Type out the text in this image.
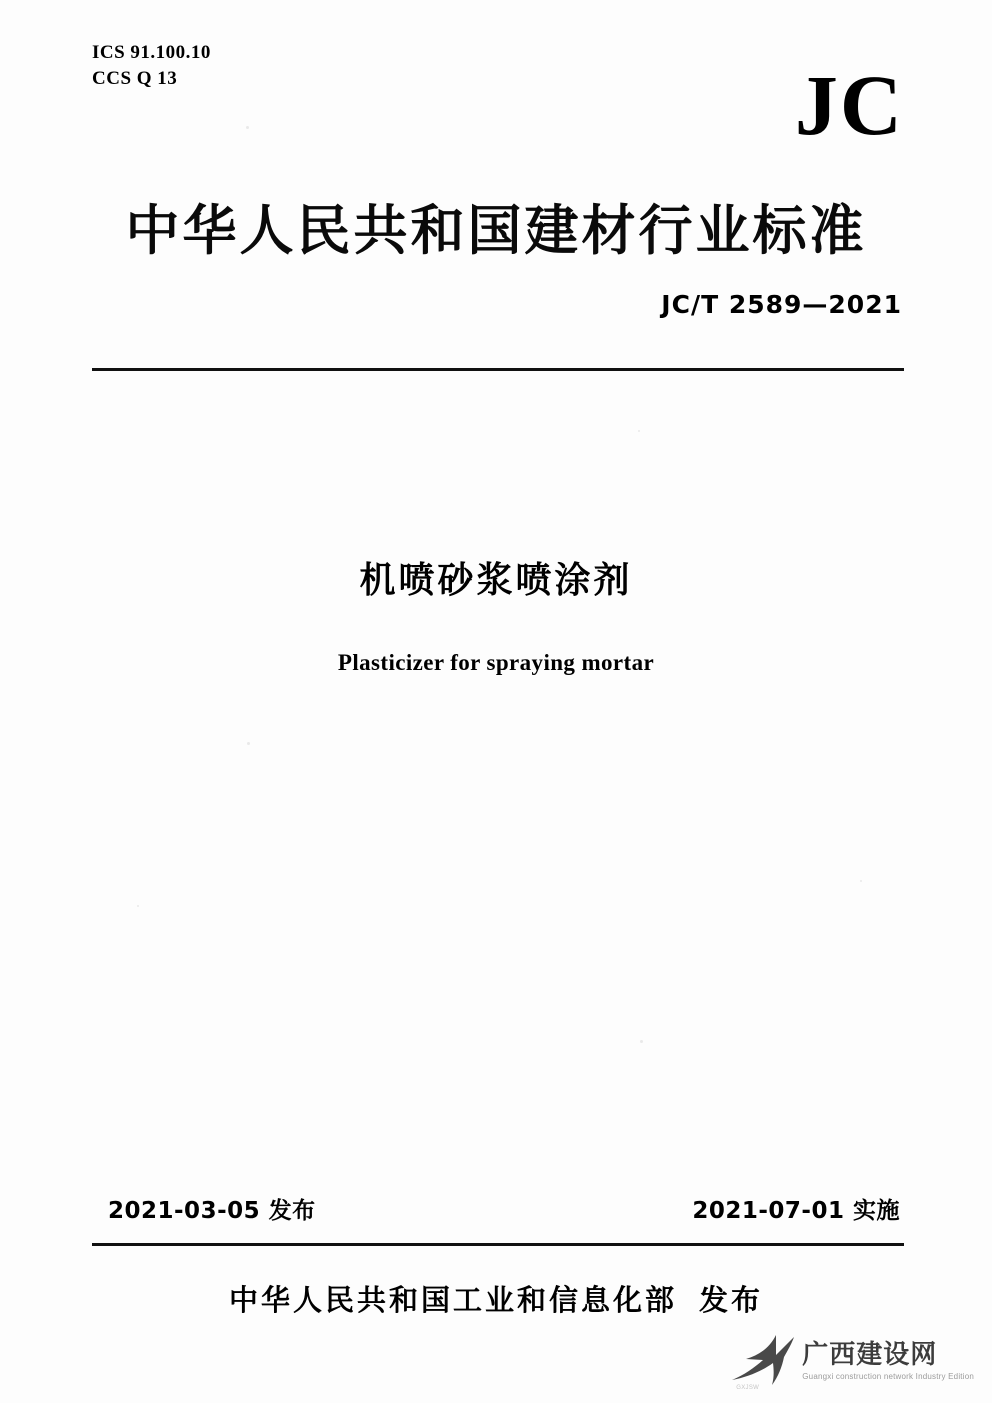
ICS 91.100.10
CCS Q 13	JC
中华人民共和国建材行业标准
JC/T 2589—2021
机喷砂浆喷涂剂
Plasticizer for spraying mortar
2021-03-05 发布	2021-07-01 实施
中华人民共和国工业和信息化部 发布
GXJSW
广西建设网
Guangxi construction network Industry Edition
